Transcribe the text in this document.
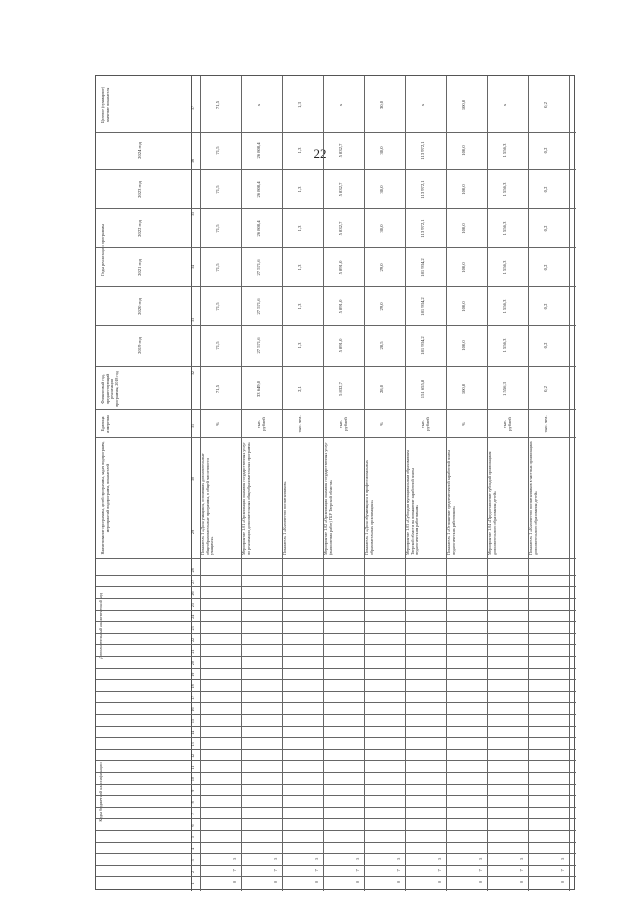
22
Коды бюджетной классификации
Дополнительный аналитический код
Наименование программы, целей программы, задач подпрограмм, мероприятий подпрограмм, показателей
Единица измерения
Финансовый год, предшествующий реализации программы, 2018 год
Годы реализации программы
Целевое (суммарное) значение показателя
2019 год
2020 год
2021 год
2022 год
2023 год
2024 год
1
2
3
4
5
6
7
8
9
10
11
12
13
14
15
16
17
18
19
20
21
22
23
24
25
26
27
28
29
30
31
32
33
34
35
36
37
0
7
5
Показатель 1 «Доля учащихся, освоивших дополнительные общеобразовательные программы, в общей численности учащихся»
%
71,5
71,5
71,5
71,5
71,5
71,5
71,5
71,5
0
7
5
Мероприятие 1.01 «Организация оказания государственных услуг по реализации дополнительных общеобразовательных программ»
тыс. рублей
33 649,0
27 571,6
27 571,6
27 571,6
26 808,4
26 808,4
26 808,4
х
0
7
5
Показатель 1 «Количество воспитанников»
тыс. чел.
2,1
1,3
1,3
1,3
1,3
1,3
1,3
1,3
0
7
5
Мероприятие 1.02 «Организация оказания государственных услуг (выполнения работ) ГБУ Тверской области»
тыс. рублей
5 832,7
5 891,0
5 891,0
5 891,0
5 832,7
5 832,7
5 832,7
х
0
7
5
Показатель 1 «Доля обучающихся в профессиональных образовательных организациях»
%
28,0
28,5
29,0
29,0
30,0
30,0
30,0
30,0
0
7
5
Мероприятие 1.03 «Субсидии муниципальным образованиям Тверской области на повышение заработной платы педагогическим работникам»
тыс. рублей
151 655,8
181 934,2
181 934,2
181 934,2
113 972,1
113 972,1
113 972,1
х
0
7
5
Показатель 1 «Отношение среднемесячной заработной платы педагогических работников»
%
100,0
100,0
100,0
100,0
100,0
100,0
100,0
100,0
0
7
5
Мероприятие 1.04 «Предоставление субсидий организациям дополнительного образования детей»
тыс. рублей
1 556,3
1 556,3
1 556,3
1 556,3
1 556,3
1 556,3
1 556,3
х
0
7
5
Показатель 1 «Количество воспитанников в частных организациях дополнительного образования детей»
тыс. чел.
0,2
0,2
0,2
0,2
0,2
0,2
0,2
0,2
